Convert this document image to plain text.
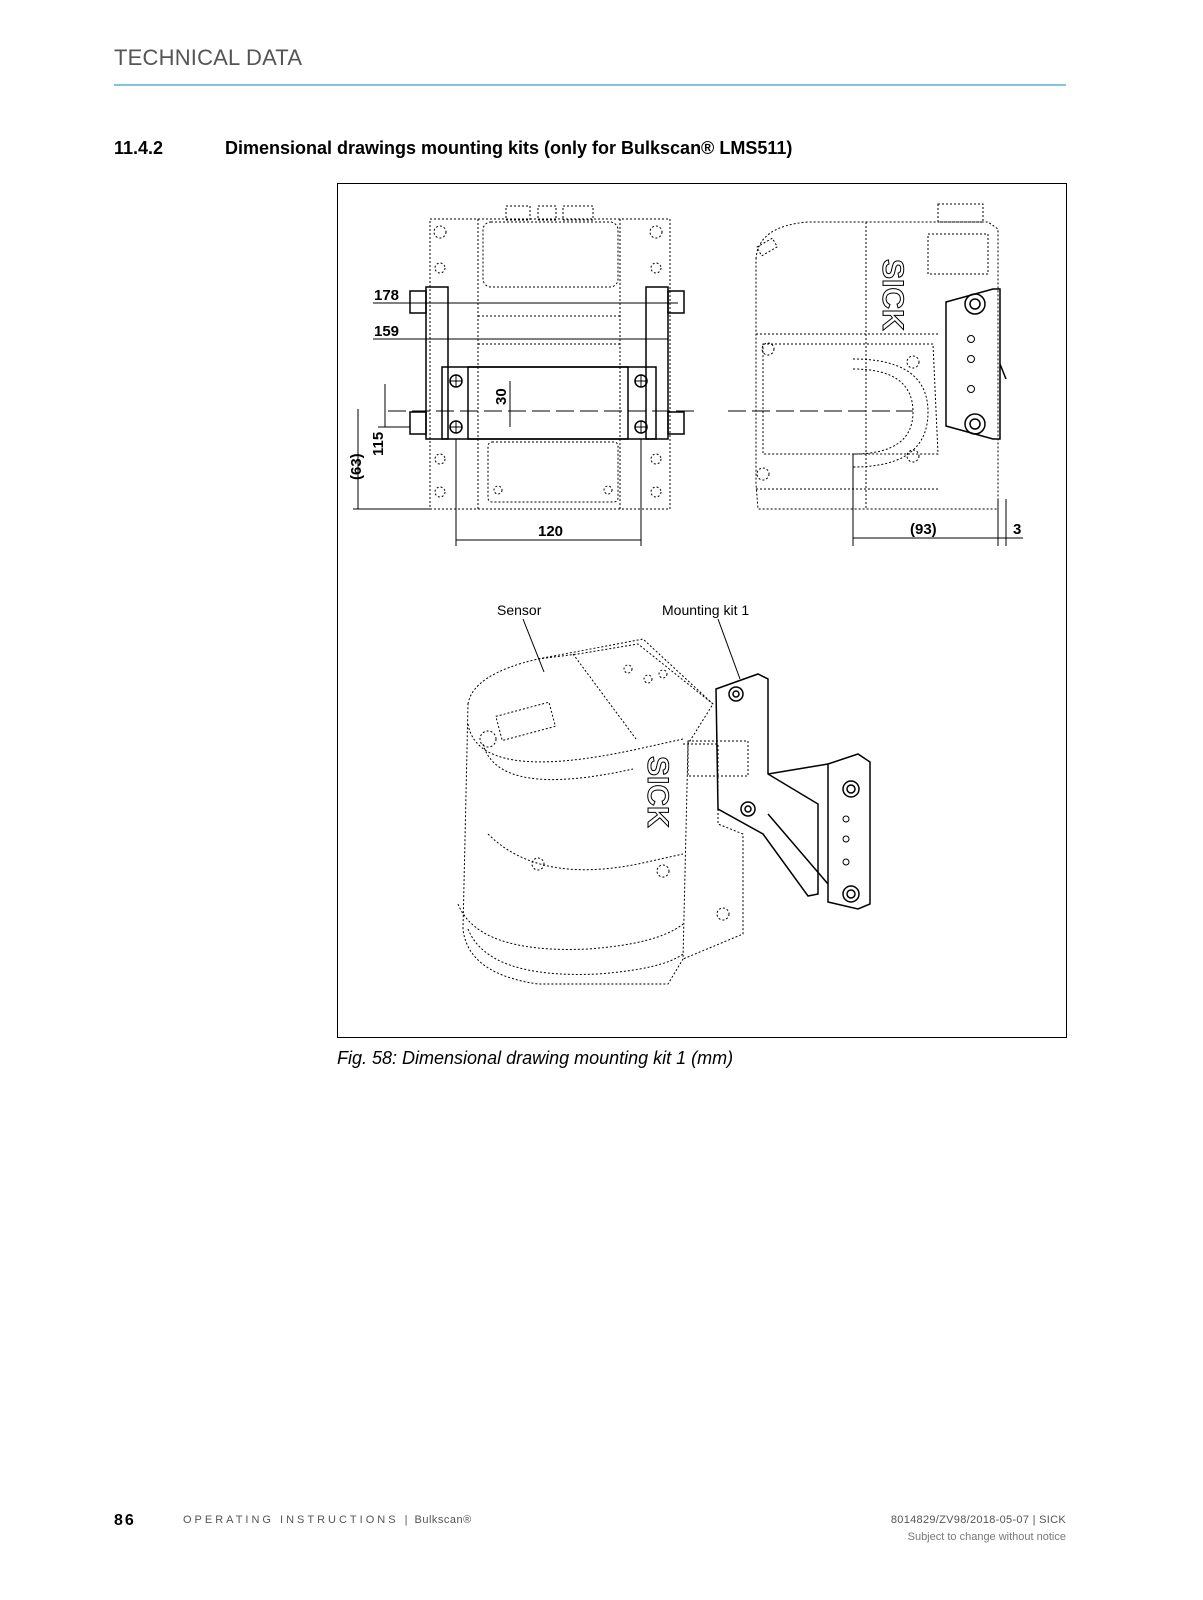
TECHNICAL DATA
11.4.2	Dimensional drawings mounting kits (only for Bulkscan® LMS511)
SICK
SICK
178
159
30
(63)
115
120	(93)	3
Sensor	Mounting kit 1
Fig. 58: Dimensional drawing mounting kit 1 (mm)
86	OPERATING INSTRUCTIONS | Bulkscan®	8014829/ZV98/2018-05-07 | SICK
Subject to change without notice
